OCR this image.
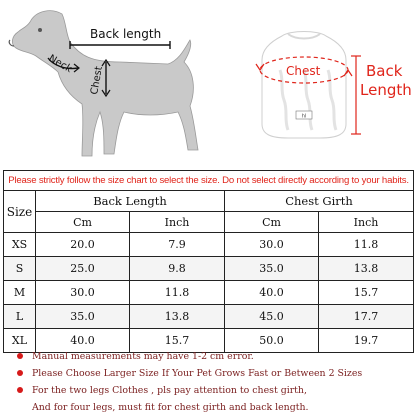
Back length
Neck
Chest
hl
Chest	Back
Length
Please strictly follow the size chart to select the size. Do not select directly according to your habits.				
Size	Back Length		Chest Girth	
	Cm	Inch	Cm	Inch
XS	20.0	7.9	30.0	11.8
S	25.0	9.8	35.0	13.8
M	30.0	11.8	40.0	15.7
L	35.0	13.8	45.0	17.7
XL	40.0	15.7	50.0	19.7
Manual measurements may have 1-2 cm error.
Please Choose Larger Size If Your Pet Grows Fast or Between 2 Sizes
For the two legs Clothes , pls pay attention to chest girth,
And for four legs, must fit for chest girth and back length.
